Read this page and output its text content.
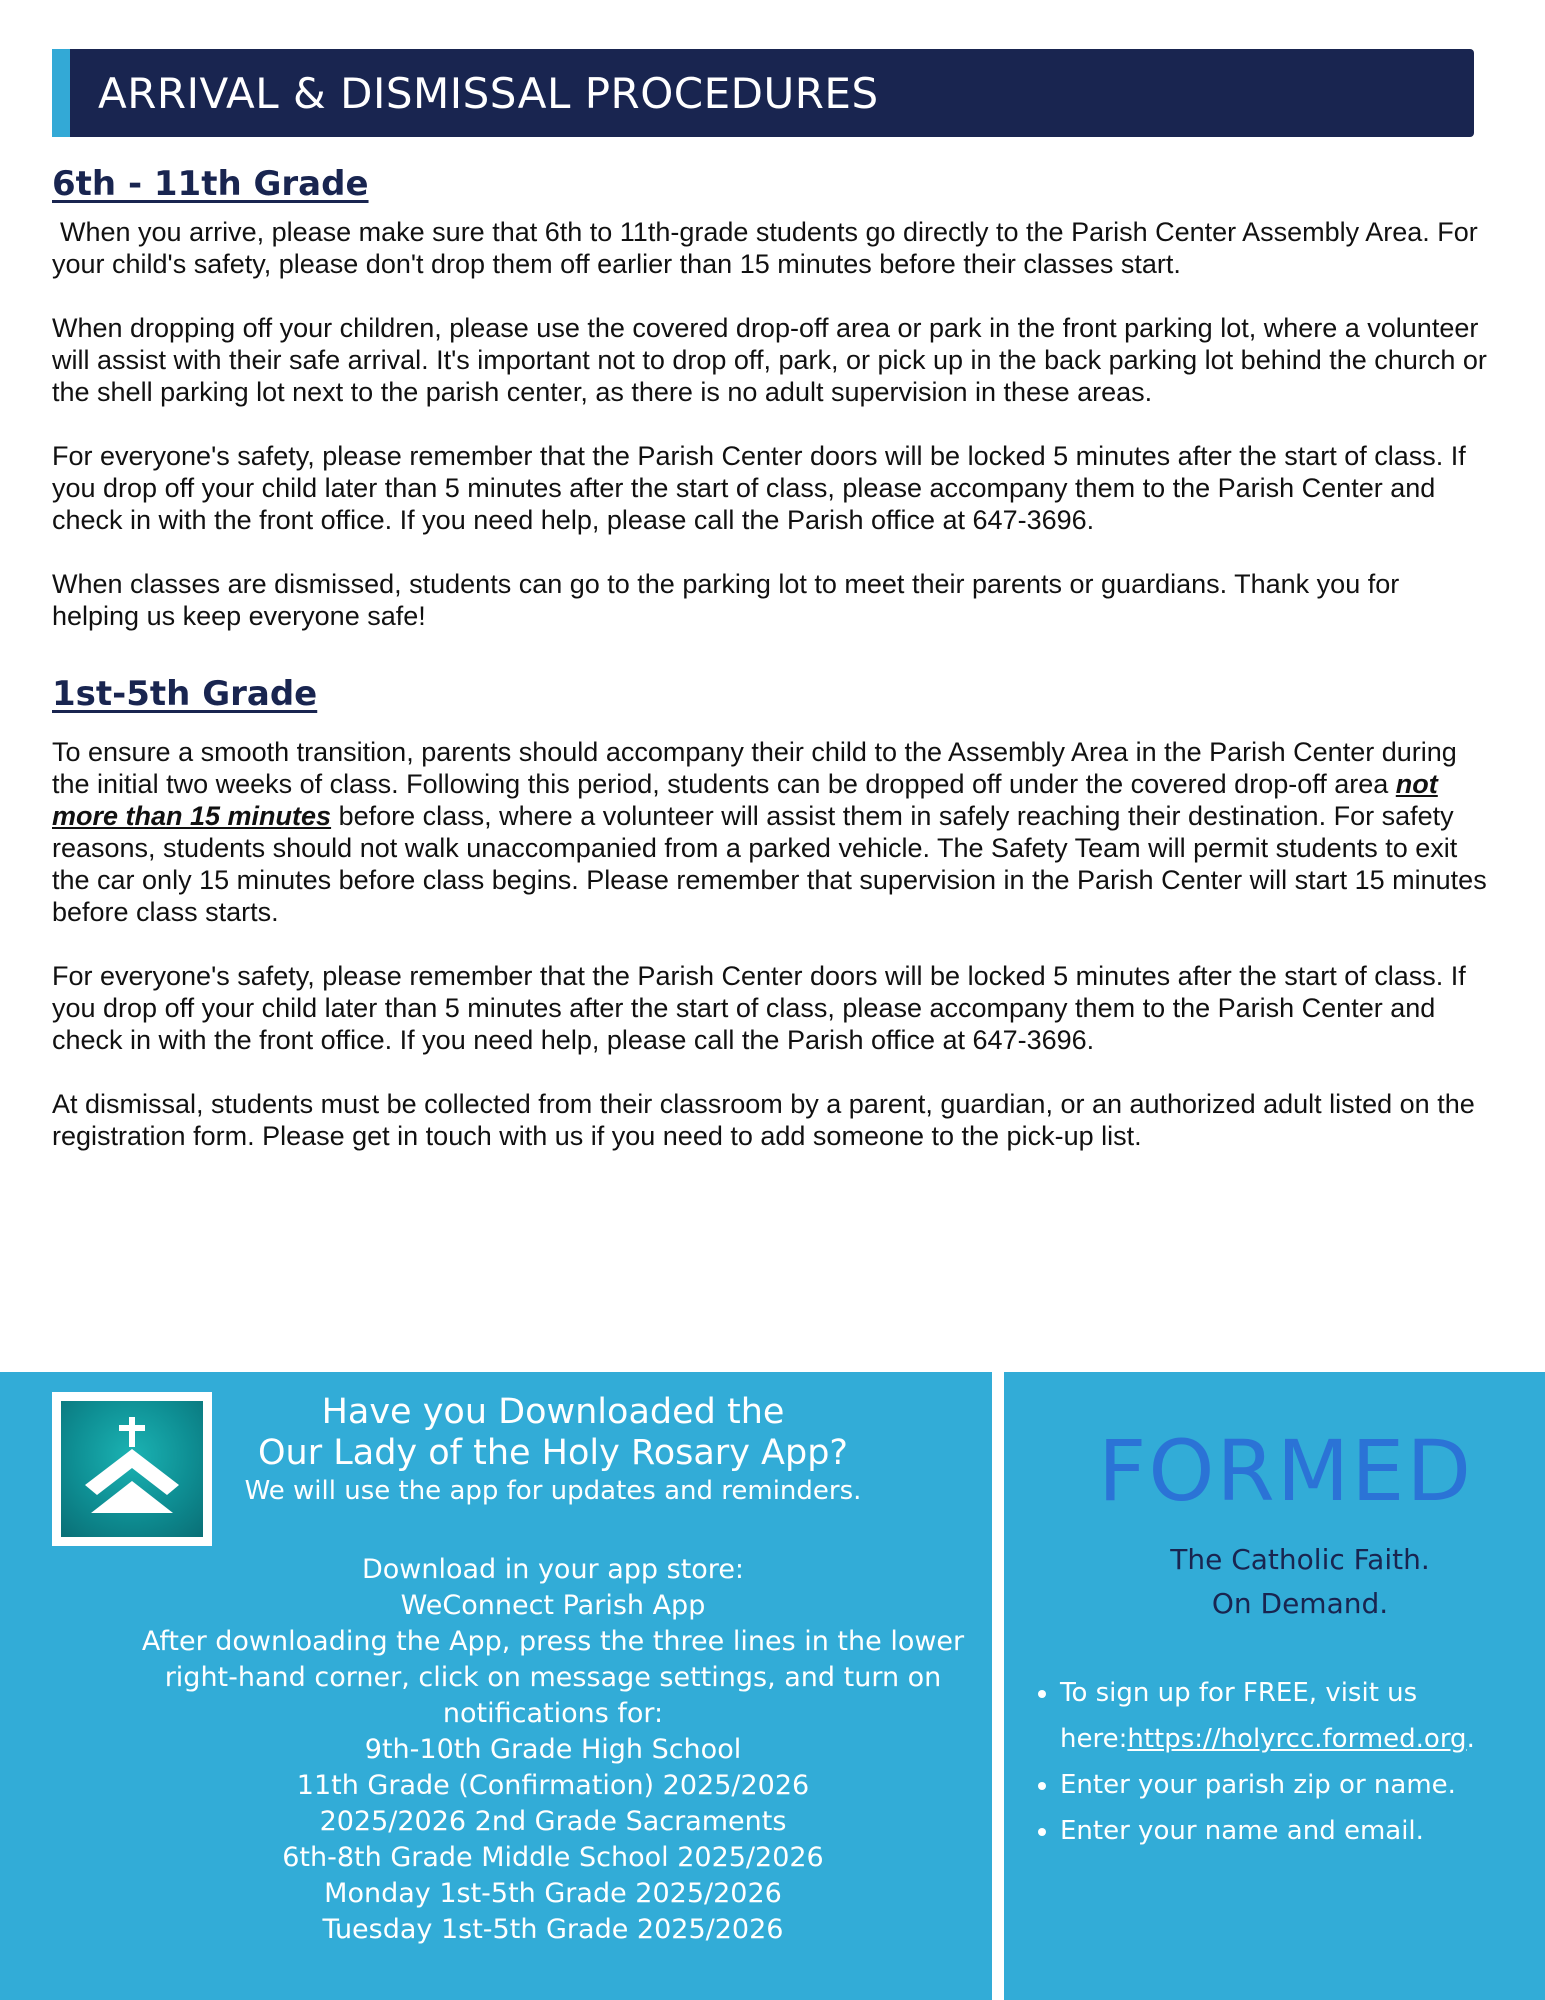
ARRIVAL & DISMISSAL PROCEDURES
6th - 11th Grade

When you arrive, please make sure that 6th to 11th-grade students go directly to the Parish Center Assembly Area. For your child's safety, please don't drop them off earlier than 15 minutes before their classes start.

When dropping off your children, please use the covered drop-off area or park in the front parking lot, where a volunteer will assist with their safe arrival. It's important not to drop off, park, or pick up in the back parking lot behind the church or the shell parking lot next to the parish center, as there is no adult supervision in these areas.

For everyone's safety, please remember that the Parish Center doors will be locked 5 minutes after the start of class. If you drop off your child later than 5 minutes after the start of class, please accompany them to the Parish Center and check in with the front office. If you need help, please call the Parish office at 647-3696.

When classes are dismissed, students can go to the parking lot to meet their parents or guardians. Thank you for helping us keep everyone safe!

1st-5th Grade

To ensure a smooth transition, parents should accompany their child to the Assembly Area in the Parish Center during the initial two weeks of class. Following this period, students can be dropped off under the covered drop-off area not more than 15 minutes before class, where a volunteer will assist them in safely reaching their destination. For safety reasons, students should not walk unaccompanied from a parked vehicle. The Safety Team will permit students to exit the car only 15 minutes before class begins. Please remember that supervision in the Parish Center will start 15 minutes before class starts.

For everyone's safety, please remember that the Parish Center doors will be locked 5 minutes after the start of class. If you drop off your child later than 5 minutes after the start of class, please accompany them to the Parish Center and check in with the front office. If you need help, please call the Parish office at 647-3696.

At dismissal, students must be collected from their classroom by a parent, guardian, or an authorized adult listed on the registration form. Please get in touch with us if you need to add someone to the pick-up list.

Have you Downloaded the

Our Lady of the Holy Rosary App?

We will use the app for updates and reminders.

Download in your app store:

WeConnect Parish App

After downloading the App, press the three lines in the lower

right-hand corner, click on message settings, and turn on

notifications for:

9th-10th Grade High School

11th Grade (Confirmation) 2025/2026

2025/2026 2nd Grade Sacraments

6th-8th Grade Middle School 2025/2026

Monday 1st-5th Grade 2025/2026

Tuesday 1st-5th Grade 2025/2026

FORMED
The Catholic Faith.
On Demand.
• To sign up for FREE, visit us here:https://holyrcc.formed.org.
• Enter your parish zip or name.
• Enter your name and email.
